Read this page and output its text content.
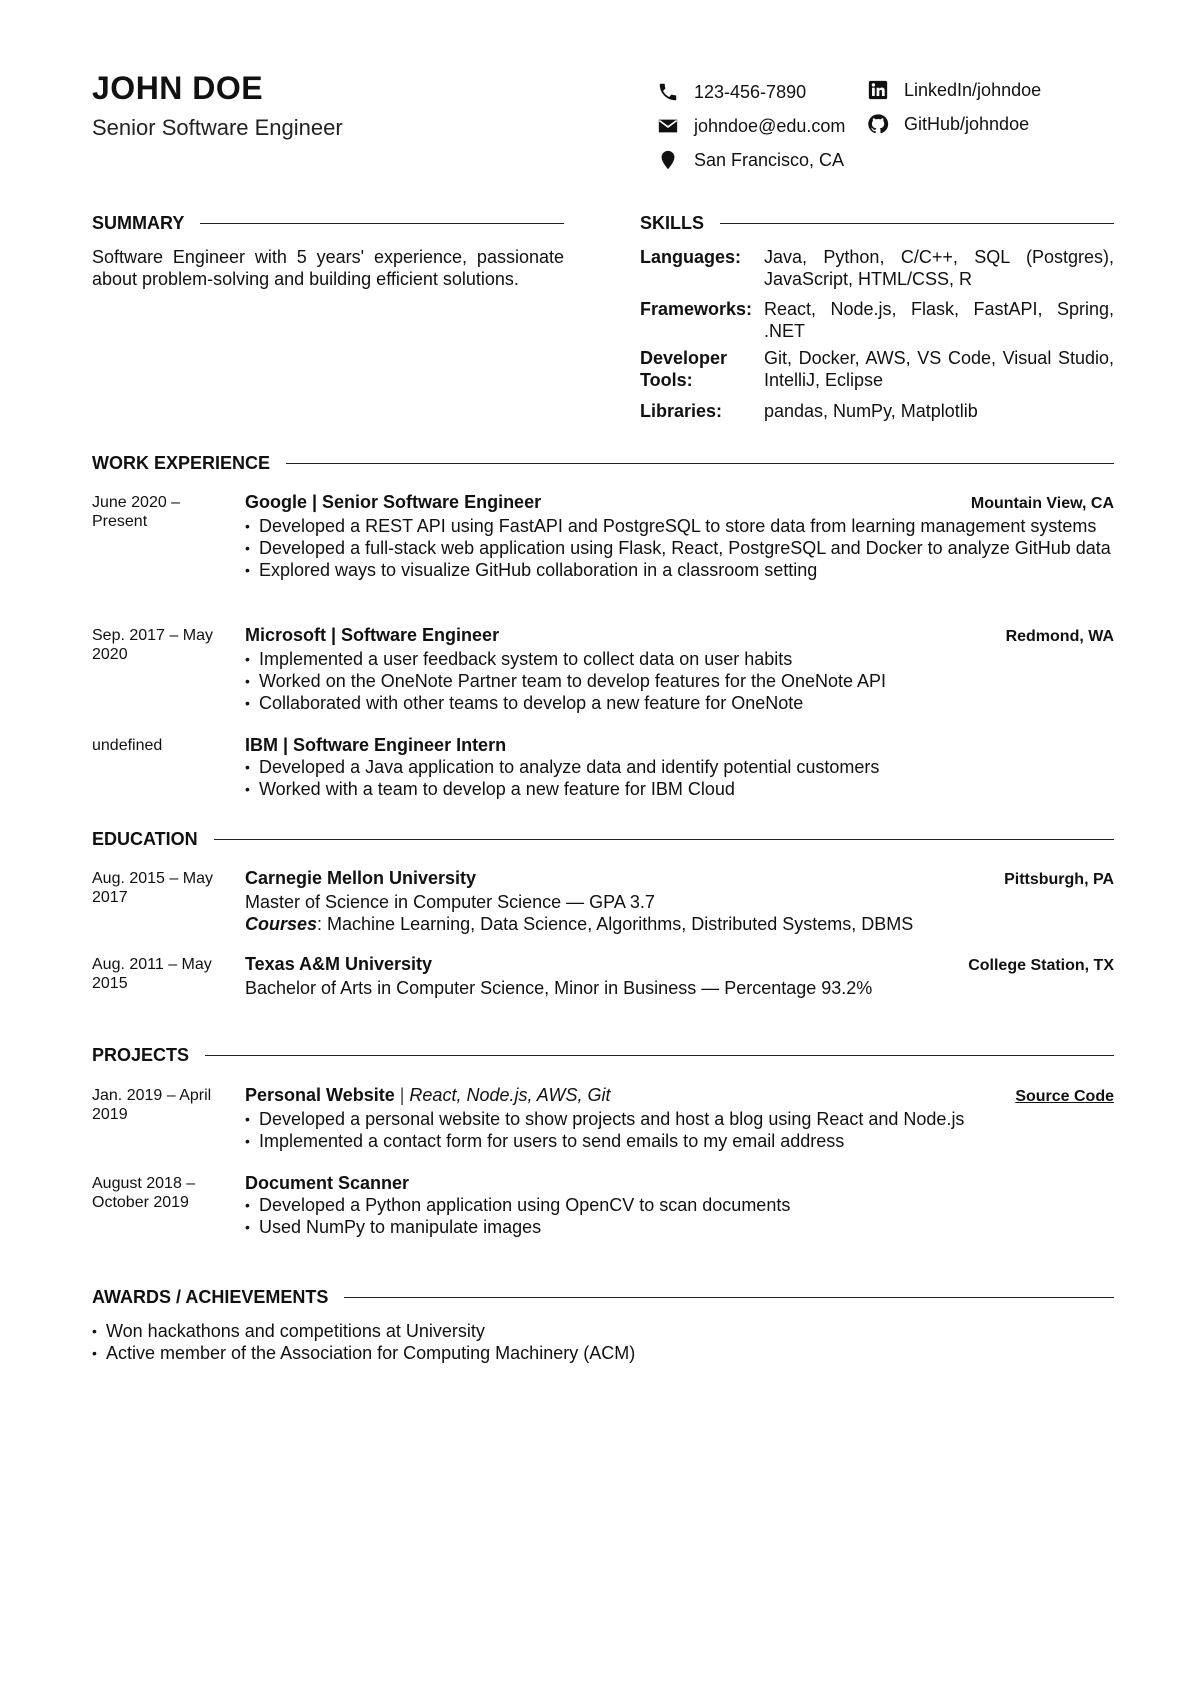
JOHN DOE
Senior Software Engineer
123-456-7890
johndoe@edu.com
San Francisco, CA
LinkedIn/johndoe
GitHub/johndoe
SUMMARY
Software Engineer with 5 years' experience, passionate about problem-solving and building efficient solutions.
SKILLS
Languages:	Java, Python, C/C++, SQL (Postgres), JavaScript, HTML/CSS, R
Frameworks: React, Node.js, Flask, FastAPI, Spring, .NET
Developer Tools:
Git, Docker, AWS, VS Code, Visual Studio, IntelliJ, Eclipse
Libraries:	pandas, NumPy, Matplotlib
WORK EXPERIENCE
June 2020 – Present
Google | Senior Software Engineer	Mountain View, CA
• Developed a REST API using FastAPI and PostgreSQL to store data from learning management systems
• Developed a full-stack web application using Flask, React, PostgreSQL and Docker to analyze GitHub data
• Explored ways to visualize GitHub collaboration in a classroom setting
Sep. 2017 – May 2020
Microsoft | Software Engineer	Redmond, WA
• Implemented a user feedback system to collect data on user habits
• Worked on the OneNote Partner team to develop features for the OneNote API
• Collaborated with other teams to develop a new feature for OneNote
undefined	IBM | Software Engineer Intern
• Developed a Java application to analyze data and identify potential customers
• Worked with a team to develop a new feature for IBM Cloud
EDUCATION
Aug. 2015 – May 2017
Carnegie Mellon University	Pittsburgh, PA
Master of Science in Computer Science — GPA 3.7
Courses: Machine Learning, Data Science, Algorithms, Distributed Systems, DBMS
Aug. 2011 – May 2015
Texas A&M University	College Station, TX
Bachelor of Arts in Computer Science, Minor in Business — Percentage 93.2%
PROJECTS
Jan. 2019 – April 2019
Personal Website | React, Node.js, AWS, Git	Source Code
• Developed a personal website to show projects and host a blog using React and Node.js
• Implemented a contact form for users to send emails to my email address
August 2018 – October 2019
Document Scanner
• Developed a Python application using OpenCV to scan documents
• Used NumPy to manipulate images
AWARDS / ACHIEVEMENTS
• Won hackathons and competitions at University
• Active member of the Association for Computing Machinery (ACM)
